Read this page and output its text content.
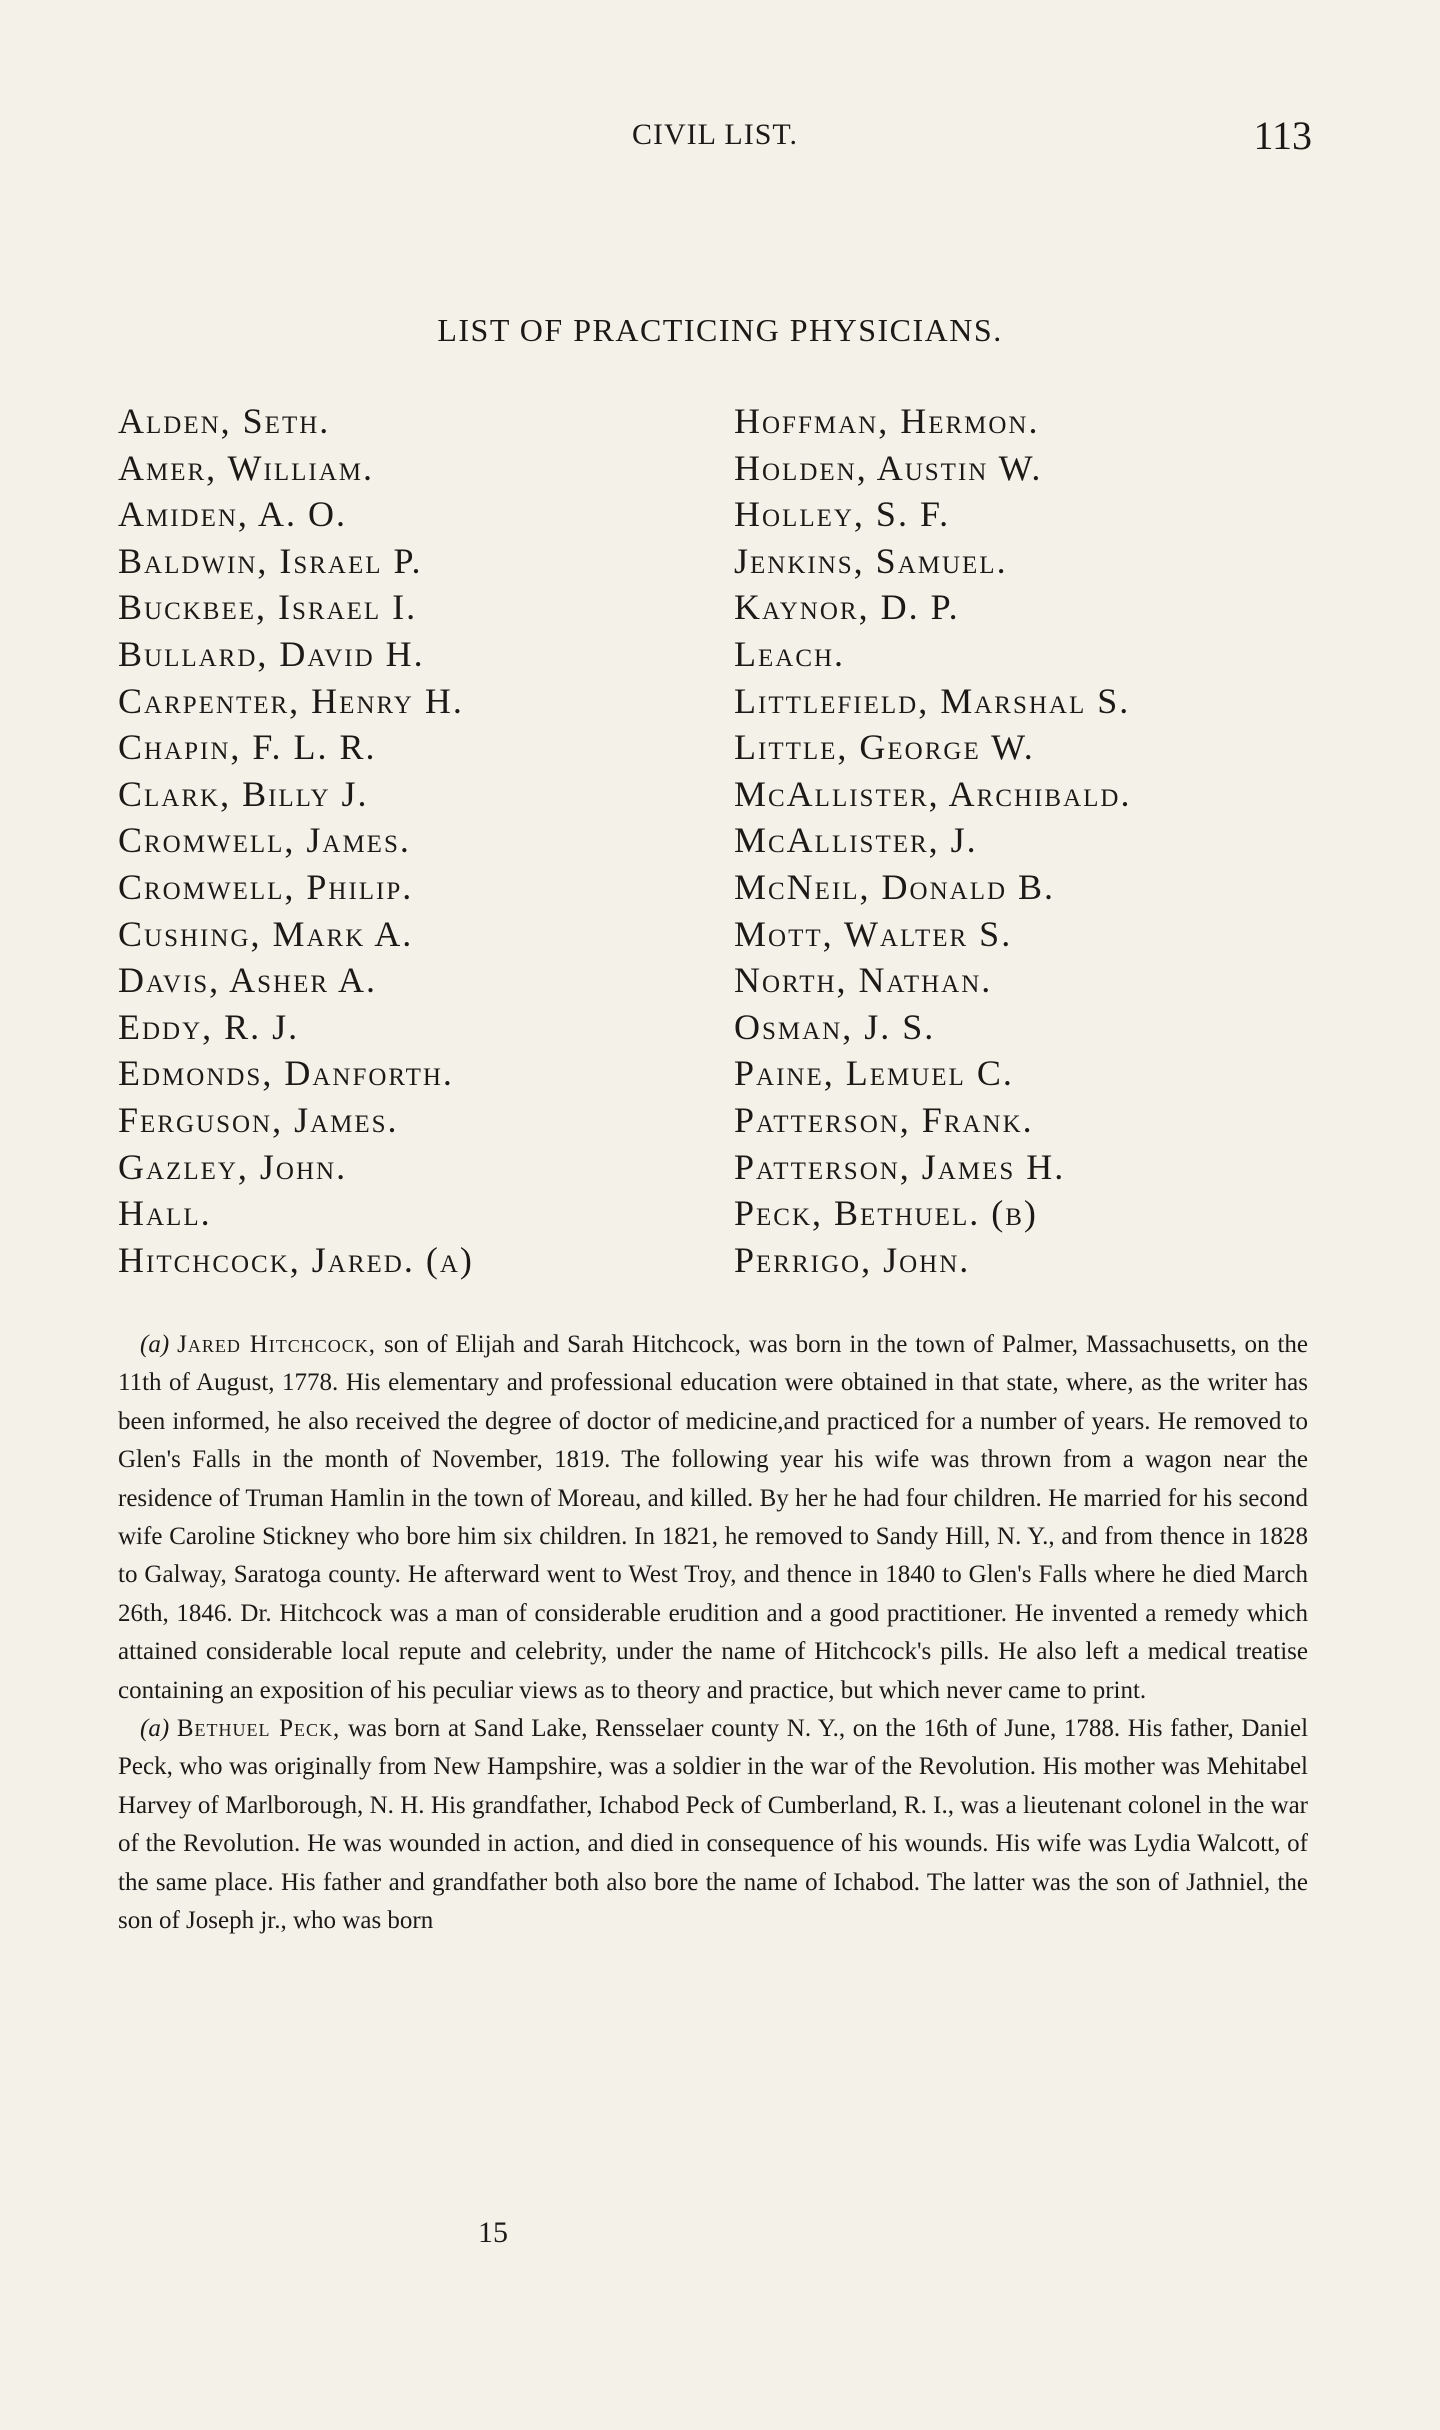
CIVIL LIST.	113
LIST OF PRACTICING PHYSICIANS.
Alden, Seth.
Amer, William.
Amiden, A. O.
Baldwin, Israel P.
Buckbee, Israel I.
Bullard, David H.
Carpenter, Henry H.
Chapin, F. L. R.
Clark, Billy J.
Cromwell, James.
Cromwell, Philip.
Cushing, Mark A.
Davis, Asher A.
Eddy, R. J.
Edmonds, Danforth.
Ferguson, James.
Gazley, John.
Hall.
Hitchcock, Jared. (a)
Hoffman, Hermon.
Holden, Austin W.
Holley, S. F.
Jenkins, Samuel.
Kaynor, D. P.
Leach.
Littlefield, Marshal S.
Little, George W.
McAllister, Archibald.
McAllister, J.
McNeil, Donald B.
Mott, Walter S.
North, Nathan.
Osman, J. S.
Paine, Lemuel C.
Patterson, Frank.
Patterson, James H.
Peck, Bethuel. (b)
Perrigo, John.

(a) Jared Hitchcock, son of Elijah and Sarah Hitchcock, was born in the town of Palmer, Massachusetts, on the 11th of August, 1778. His elementary and professional education were obtained in that state, where, as the writer has been informed, he also received the degree of doctor of medicine,and practiced for a number of years. He removed to Glen's Falls in the month of November, 1819. The following year his wife was thrown from a wagon near the residence of Truman Hamlin in the town of Moreau, and killed. By her he had four children. He married for his second wife Caroline Stickney who bore him six children. In 1821, he removed to Sandy Hill, N. Y., and from thence in 1828 to Galway, Saratoga county. He afterward went to West Troy, and thence in 1840 to Glen's Falls where he died March 26th, 1846. Dr. Hitchcock was a man of considerable erudition and a good practitioner. He invented a remedy which attained considerable local repute and celebrity, under the name of Hitchcock's pills. He also left a medical treatise containing an exposition of his peculiar views as to theory and practice, but which never came to print.

(a) Bethuel Peck, was born at Sand Lake, Rensselaer county N. Y., on the 16th of June, 1788. His father, Daniel Peck, who was originally from New Hampshire, was a soldier in the war of the Revolution. His mother was Mehitabel Harvey of Marlborough, N. H. His grandfather, Ichabod Peck of Cumberland, R. I., was a lieutenant colonel in the war of the Revolution. He was wounded in action, and died in consequence of his wounds. His wife was Lydia Walcott, of the same place. His father and grandfather both also bore the name of Ichabod. The latter was the son of Jathniel, the son of Joseph jr., who was born

15
